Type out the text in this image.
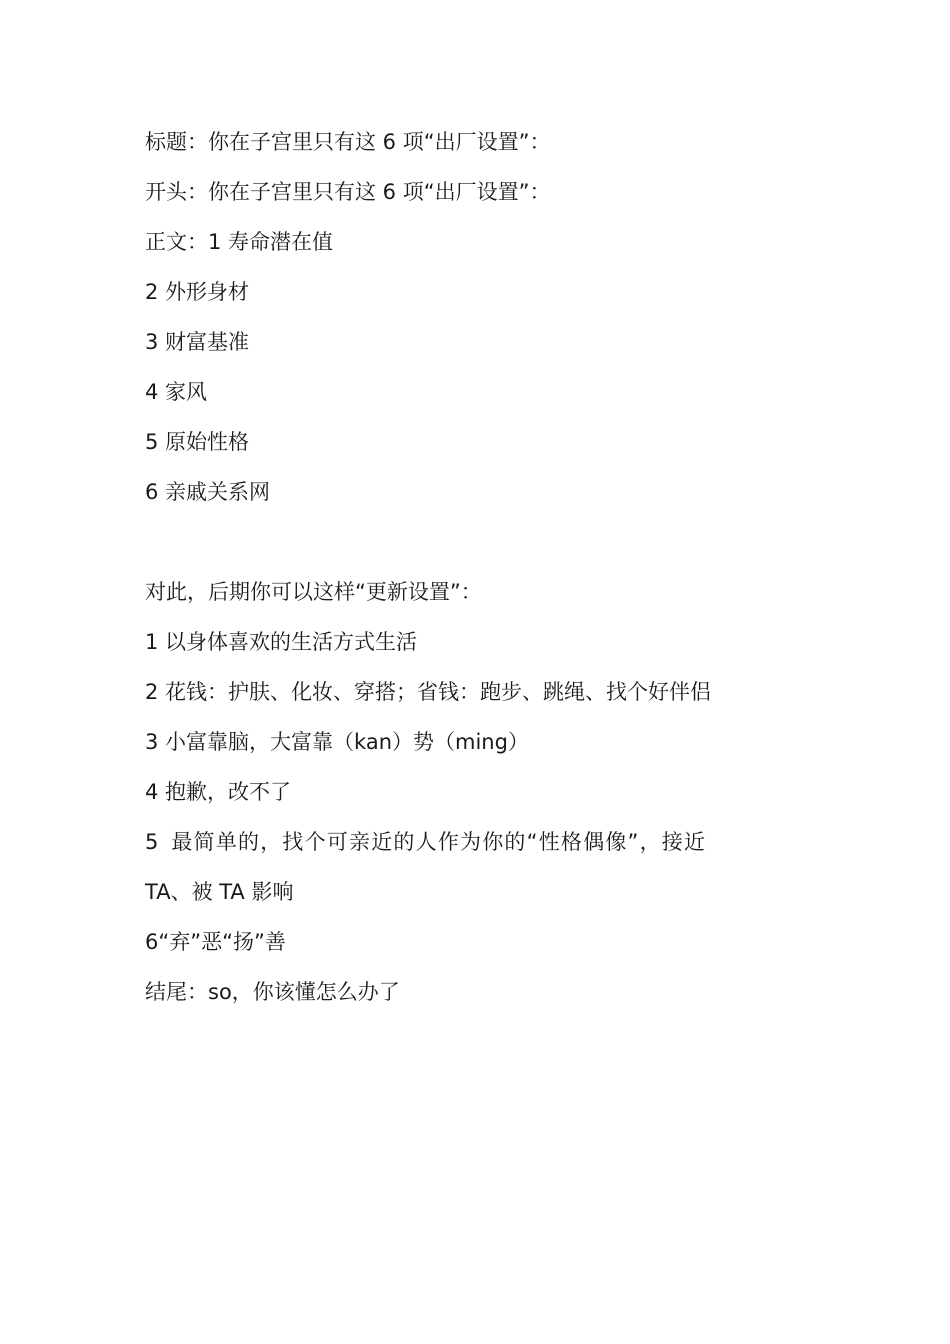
标题：你在子宫里只有这 6 项“出厂设置”：

开头：你在子宫里只有这 6 项“出厂设置”：

正文：1 寿命潜在值

2 外形身材

3 财富基准

4 家风

5 原始性格

6 亲戚关系网

对此，后期你可以这样“更新设置”：

1 以身体喜欢的生活方式生活

2 花钱：护肤、化妆、穿搭；省钱：跑步、跳绳、找个好伴侣

3 小富靠脑，大富靠（kan）势（ming）

4 抱歉，改不了

5 最简单的，找个可亲近的人作为你的“性格偶像”，接近

TA、被 TA 影响

6“弃”恶“扬”善

结尾：so，你该懂怎么办了
